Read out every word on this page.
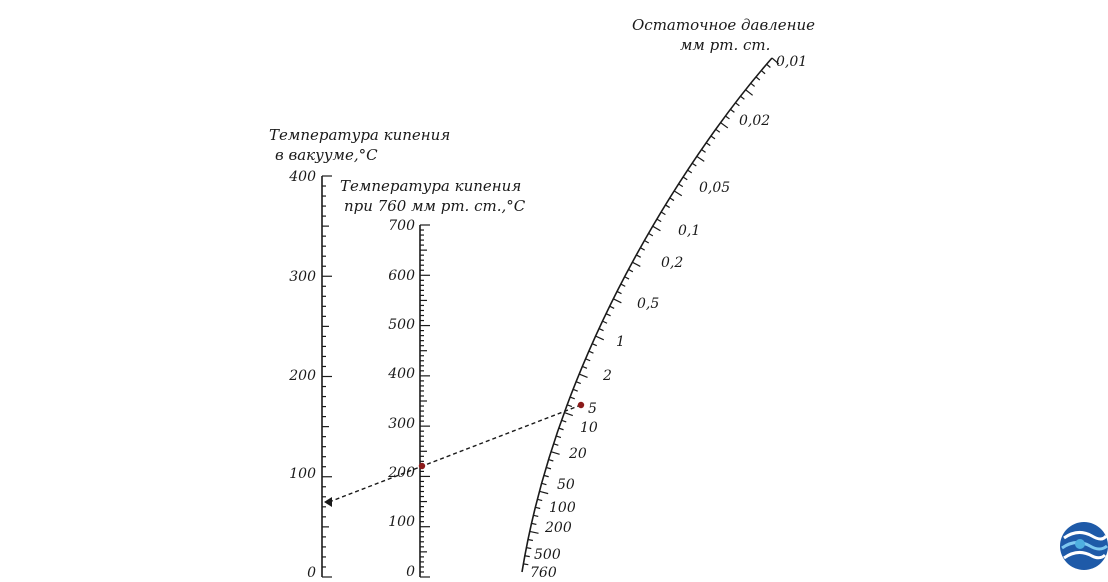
Температура кипения
в вакууме,°C
400
300
200
100
0
Температура кипения
при 760 мм рт. ст.,°C
700
600
500
400
300
200
100
0
Остаточное давление
мм рт. ст.
0,01
0,02
0,05
0,1
0,2
0,5
1
2
5
10
20
50
100
200
500
760
